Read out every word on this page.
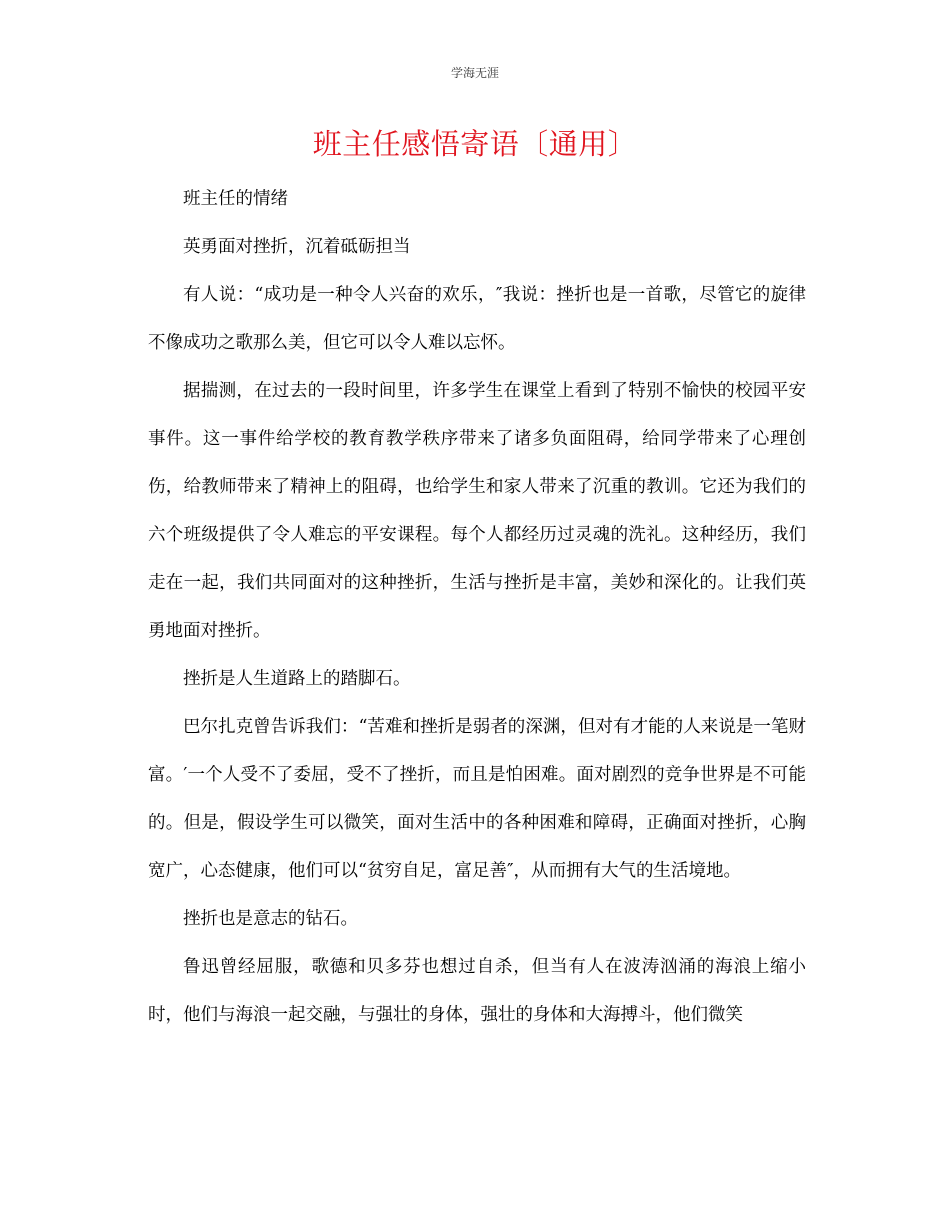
学海无涯
班主任感悟寄语〔通用〕

班主任的情绪

英勇面对挫折，沉着砥砺担当

有人说：“成功是一种令人兴奋的欢乐，″我说：挫折也是一首歌，尽管它的旋律不像成功之歌那么美，但它可以令人难以忘怀。

据揣测，在过去的一段时间里，许多学生在课堂上看到了特别不愉快的校园平安事件。这一事件给学校的教育教学秩序带来了诸多负面阻碍，给同学带来了心理创伤，给教师带来了精神上的阻碍，也给学生和家人带来了沉重的教训。它还为我们的六个班级提供了令人难忘的平安课程。每个人都经历过灵魂的洗礼。这种经历，我们走在一起，我们共同面对的这种挫折，生活与挫折是丰富，美妙和深化的。让我们英勇地面对挫折。

挫折是人生道路上的踏脚石。

巴尔扎克曾告诉我们：“苦难和挫折是弱者的深渊，但对有才能的人来说是一笔财富。′一个人受不了委屈，受不了挫折，而且是怕困难。面对剧烈的竞争世界是不可能的。但是，假设学生可以微笑，面对生活中的各种困难和障碍，正确面对挫折，心胸宽广，心态健康，他们可以“贫穷自足，富足善″，从而拥有大气的生活境地。

挫折也是意志的钻石。

鲁迅曾经屈服，歌德和贝多芬也想过自杀，但当有人在波涛汹涌的海浪上缩小时，他们与海浪一起交融，与强壮的身体，强壮的身体和大海搏斗，他们微笑
